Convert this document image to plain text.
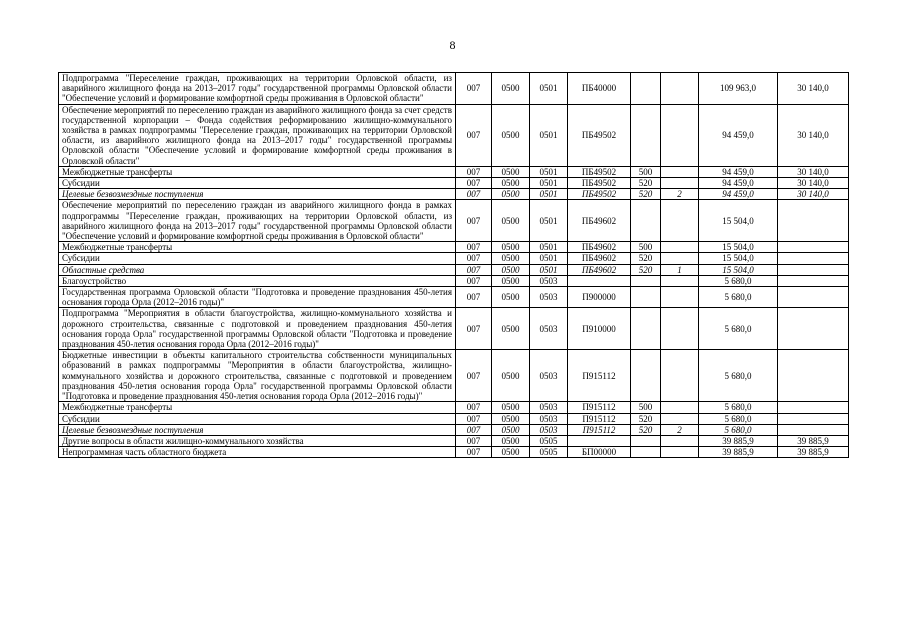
8
Подпрограмма "Переселение граждан, проживающих на территории Орловской области, из аварийного жилищного фонда на 2013–2017 годы" государственной программы Орловской области "Обеспечение условий и формирование комфортной среды проживания в Орловской области"	007	0500	0501	ПБ40000			109 963,0	30 140,0
Обеспечение мероприятий по переселению граждан из аварийного жилищного фонда за счет средств государственной корпорации – Фонда содействия реформированию жилищно-коммунального хозяйства в рамках подпрограммы "Переселение граждан, проживающих на территории Орловской области, из аварийного жилищного фонда на 2013–2017 годы" государственной программы Орловской области "Обеспечение условий и формирование комфортной среды проживания в Орловской области"	007	0500	0501	ПБ49502			94 459,0	30 140,0
Межбюджетные трансферты	007	0500	0501	ПБ49502	500		94 459,0	30 140,0
Субсидии	007	0500	0501	ПБ49502	520		94 459,0	30 140,0
Целевые безвозмездные поступления	007	0500	0501	ПБ49502	520	2	94 459,0	30 140,0
Обеспечение мероприятий по переселению граждан из аварийного жилищного фонда в рамках подпрограммы "Переселение граждан, проживающих на территории Орловской области, из аварийного жилищного фонда на 2013–2017 годы" государственной программы Орловской области "Обеспечение условий и формирование комфортной среды проживания в Орловской области"	007	0500	0501	ПБ49602			15 504,0	
Межбюджетные трансферты	007	0500	0501	ПБ49602	500		15 504,0	
Субсидии	007	0500	0501	ПБ49602	520		15 504,0	
Областные средства	007	0500	0501	ПБ49602	520	1	15 504,0	
Благоустройство	007	0500	0503				5 680,0	
Государственная программа Орловской области "Подготовка и проведение празднования 450-летия основания города Орла (2012–2016 годы)"	007	0500	0503	П900000			5 680,0	
Подпрограмма "Мероприятия в области благоустройства, жилищно-коммунального хозяйства и дорожного строительства, связанные с подготовкой и проведением празднования 450-летия основания города Орла" государственной программы Орловской области "Подготовка и проведение празднования 450-летия основания города Орла (2012–2016 годы)"	007	0500	0503	П910000			5 680,0	
Бюджетные инвестиции в объекты капитального строительства собственности муниципальных образований в рамках подпрограммы "Мероприятия в области благоустройства, жилищно-коммунального хозяйства и дорожного строительства, связанные с подготовкой и проведением празднования 450-летия основания города Орла" государственной программы Орловской области "Подготовка и проведение празднования 450-летия основания города Орла (2012–2016 годы)"	007	0500	0503	П915112			5 680,0	
Межбюджетные трансферты	007	0500	0503	П915112	500		5 680,0	
Субсидии	007	0500	0503	П915112	520		5 680,0	
Целевые безвозмездные поступления	007	0500	0503	П915112	520	2	5 680,0	
Другие вопросы в области жилищно-коммунального хозяйства	007	0500	0505				39 885,9	39 885,9
Непрограммная часть областного бюджета	007	0500	0505	БП00000			39 885,9	39 885,9
